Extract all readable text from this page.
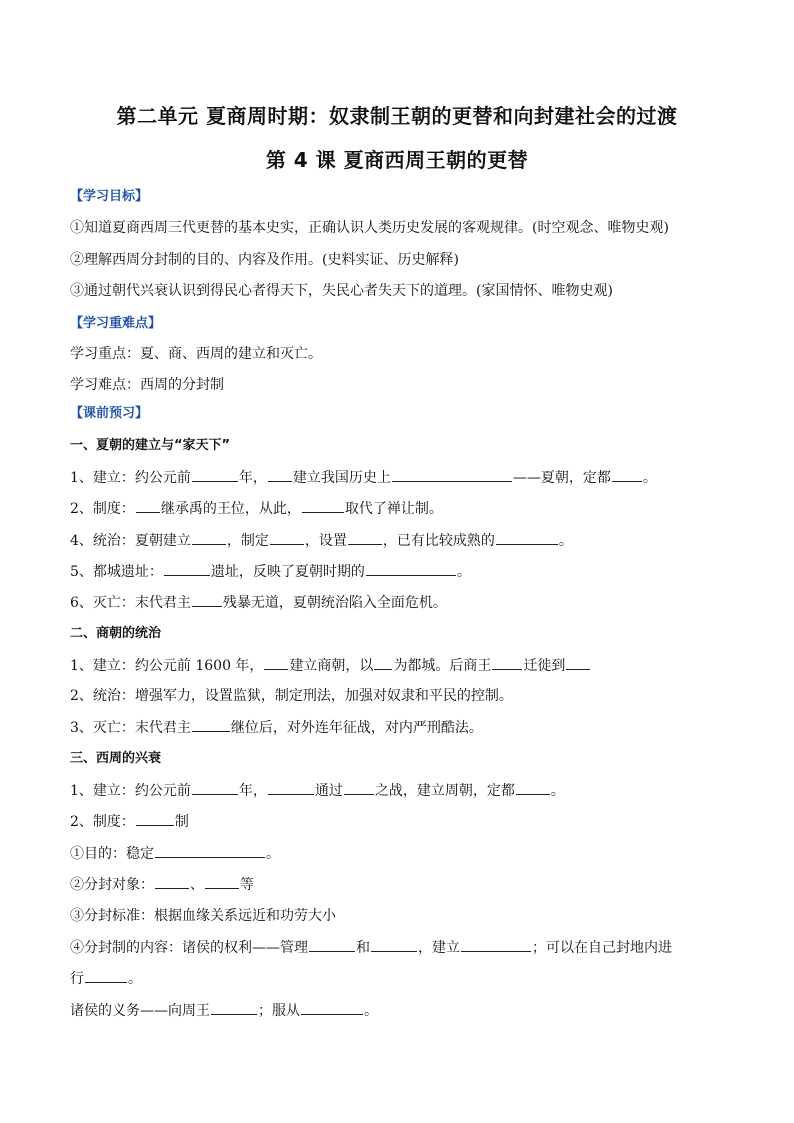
第二单元 夏商周时期：奴隶制王朝的更替和向封建社会的过渡
第 4 课 夏商西周王朝的更替
【学习目标】
①知道夏商西周三代更替的基本史实，正确认识人类历史发展的客观规律。(时空观念、唯物史观)
②理解西周分封制的目的、内容及作用。(史料实证、历史解释)
③通过朝代兴衰认识到得民心者得天下，失民心者失天下的道理。(家国情怀、唯物史观)
【学习重难点】
学习重点：夏、商、西周的建立和灭亡。
学习难点：西周的分封制
【课前预习】
一、夏朝的建立与“家天下”
1、建立：约公元前	年， 建立我国历史上	——夏朝，定都 。
2、制度： 继承禹的王位，从此，	取代了禅让制。
4、统治：夏朝建立	，制定	，设置	，已有比较成熟的	。
5、都城遗址：	遗址，反映了夏朝时期的	。
6、灭亡：末代君主 残暴无道，夏朝统治陷入全面危机。
二、商朝的统治
1、建立：约公元前 1600 年， 建立商朝，以 为都城。后商王 迁徙到
2、统治：增强军力，设置监狱，制定刑法，加强对奴隶和平民的控制。
3、灭亡：末代君主	继位后，对外连年征战，对内严刑酷法。
三、西周的兴衰
1、建立：约公元前	年，	通过 之战，建立周朝，定都	。
2、制度：	制
①目的：稳定	。
②分封对象：	、	等
③分封标准：根据血缘关系远近和功劳大小
④分封制的内容：诸侯的权利——管理	和	，建立	；可以在自己封地内进
行	。
诸侯的义务——向周王	；服从	。
